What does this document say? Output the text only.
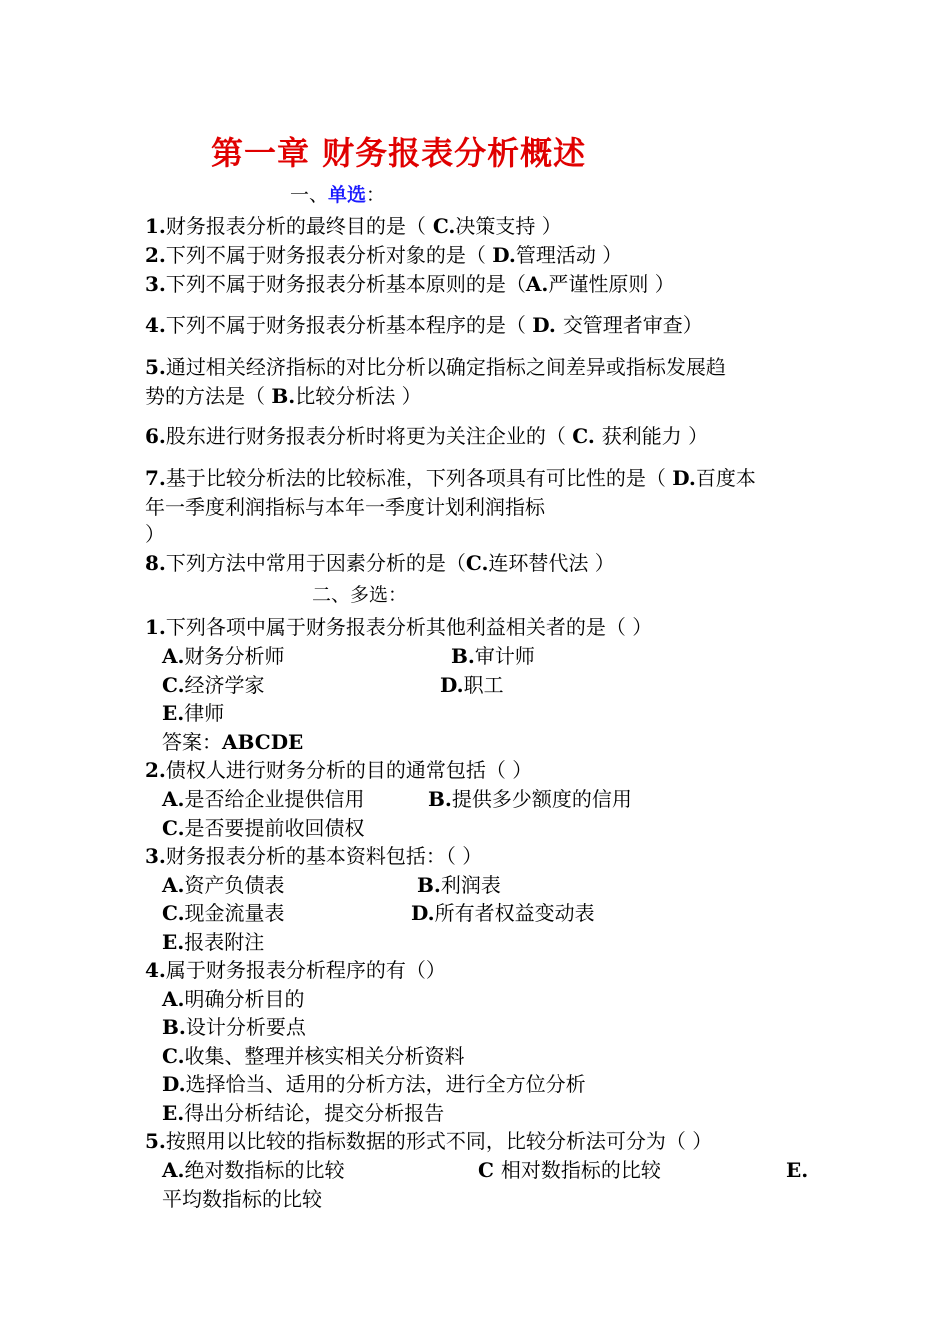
第一章 财务报表分析概述
一、单选：
1.财务报表分析的最终目的是（ C.决策支持 ）
2.下列不属于财务报表分析对象的是（ D.管理活动 ）
3.下列不属于财务报表分析基本原则的是（A.严谨性原则 ）
4.下列不属于财务报表分析基本程序的是（ D. 交管理者审查）
5.通过相关经济指标的对比分析以确定指标之间差异或指标发展趋
势的方法是（ B.比较分析法 ）
6.股东进行财务报表分析时将更为关注企业的（ C. 获利能力 ）
7.基于比较分析法的比较标准，下列各项具有可比性的是（ D.百度本
年一季度利润指标与本年一季度计划利润指标
）
8.下列方法中常用于因素分析的是（C.连环替代法 ）
二、多选：
1.下列各项中属于财务报表分析其他利益相关者的是（ ）
A.财务分析师	B.审计师
C.经济学家	D.职工
E.律师
答案：ABCDE
2.债权人进行财务分析的目的通常包括（ ）
A.是否给企业提供信用	B.提供多少额度的信用
C.是否要提前收回债权
3.财务报表分析的基本资料包括：（ ）
A.资产负债表	B.利润表
C.现金流量表	D.所有者权益变动表
E.报表附注
4.属于财务报表分析程序的有（）
A.明确分析目的
B.设计分析要点
C.收集、整理并核实相关分析资料
D.选择恰当、适用的分析方法，进行全方位分析
E.得出分析结论，提交分析报告
5.按照用以比较的指标数据的形式不同，比较分析法可分为（ ）
A.绝对数指标的比较	C 相对数指标的比较	E.
平均数指标的比较
